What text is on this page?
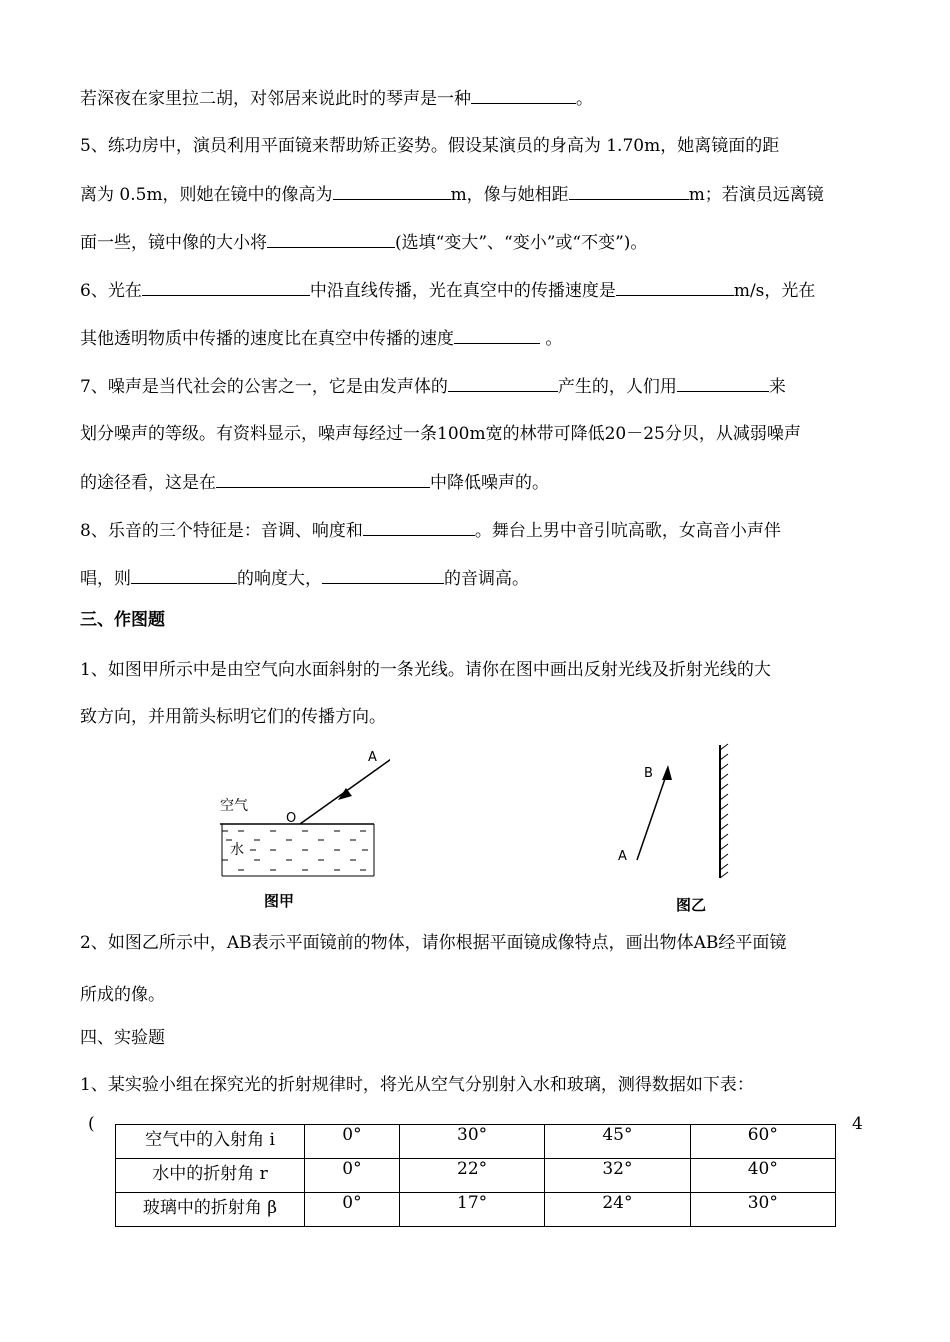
若深夜在家里拉二胡，对邻居来说此时的琴声是一种	。
5、练功房中，演员利用平面镜来帮助矫正姿势。假设某演员的身高为 1.70m，她离镜面的距
离为 0.5m，则她在镜中的像高为	m，像与她相距	m；若演员远离镜
面一些，镜中像的大小将	(选填“变大”、“变小”或“不变”)。
6、光在	中沿直线传播，光在真空中的传播速度是	m/s，光在
其他透明物质中传播的速度比在真空中传播的速度	。
7、噪声是当代社会的公害之一，它是由发声体的	产生的，人们用	来
划分噪声的等级。有资料显示，噪声每经过一条100m宽的林带可降低20－25分贝，从减弱噪声
的途径看，这是在	中降低噪声的。
8、乐音的三个特征是：音调、响度和	。舞台上男中音引吭高歌，女高音小声伴
唱，则	的响度大，	的音调高。
三、作图题
1、如图甲所示中是由空气向水面斜射的一条光线。请你在图中画出反射光线及折射光线的大
致方向，并用箭头标明它们的传播方向。
A
空气
O
水
图甲
A
B
图乙
2、如图乙所示中，AB表示平面镜前的物体，请你根据平面镜成像特点，画出物体AB经平面镜
所成的像。
四、实验题
1、某实验小组在探究光的折射规律时，将光从空气分别射入水和玻璃，测得数据如下表：
(	4
空气中的入射角 i	0°	30°	45°	60°
水中的折射角 r	0°	22°	32°	40°
玻璃中的折射角 β	0°	17°	24°	30°
